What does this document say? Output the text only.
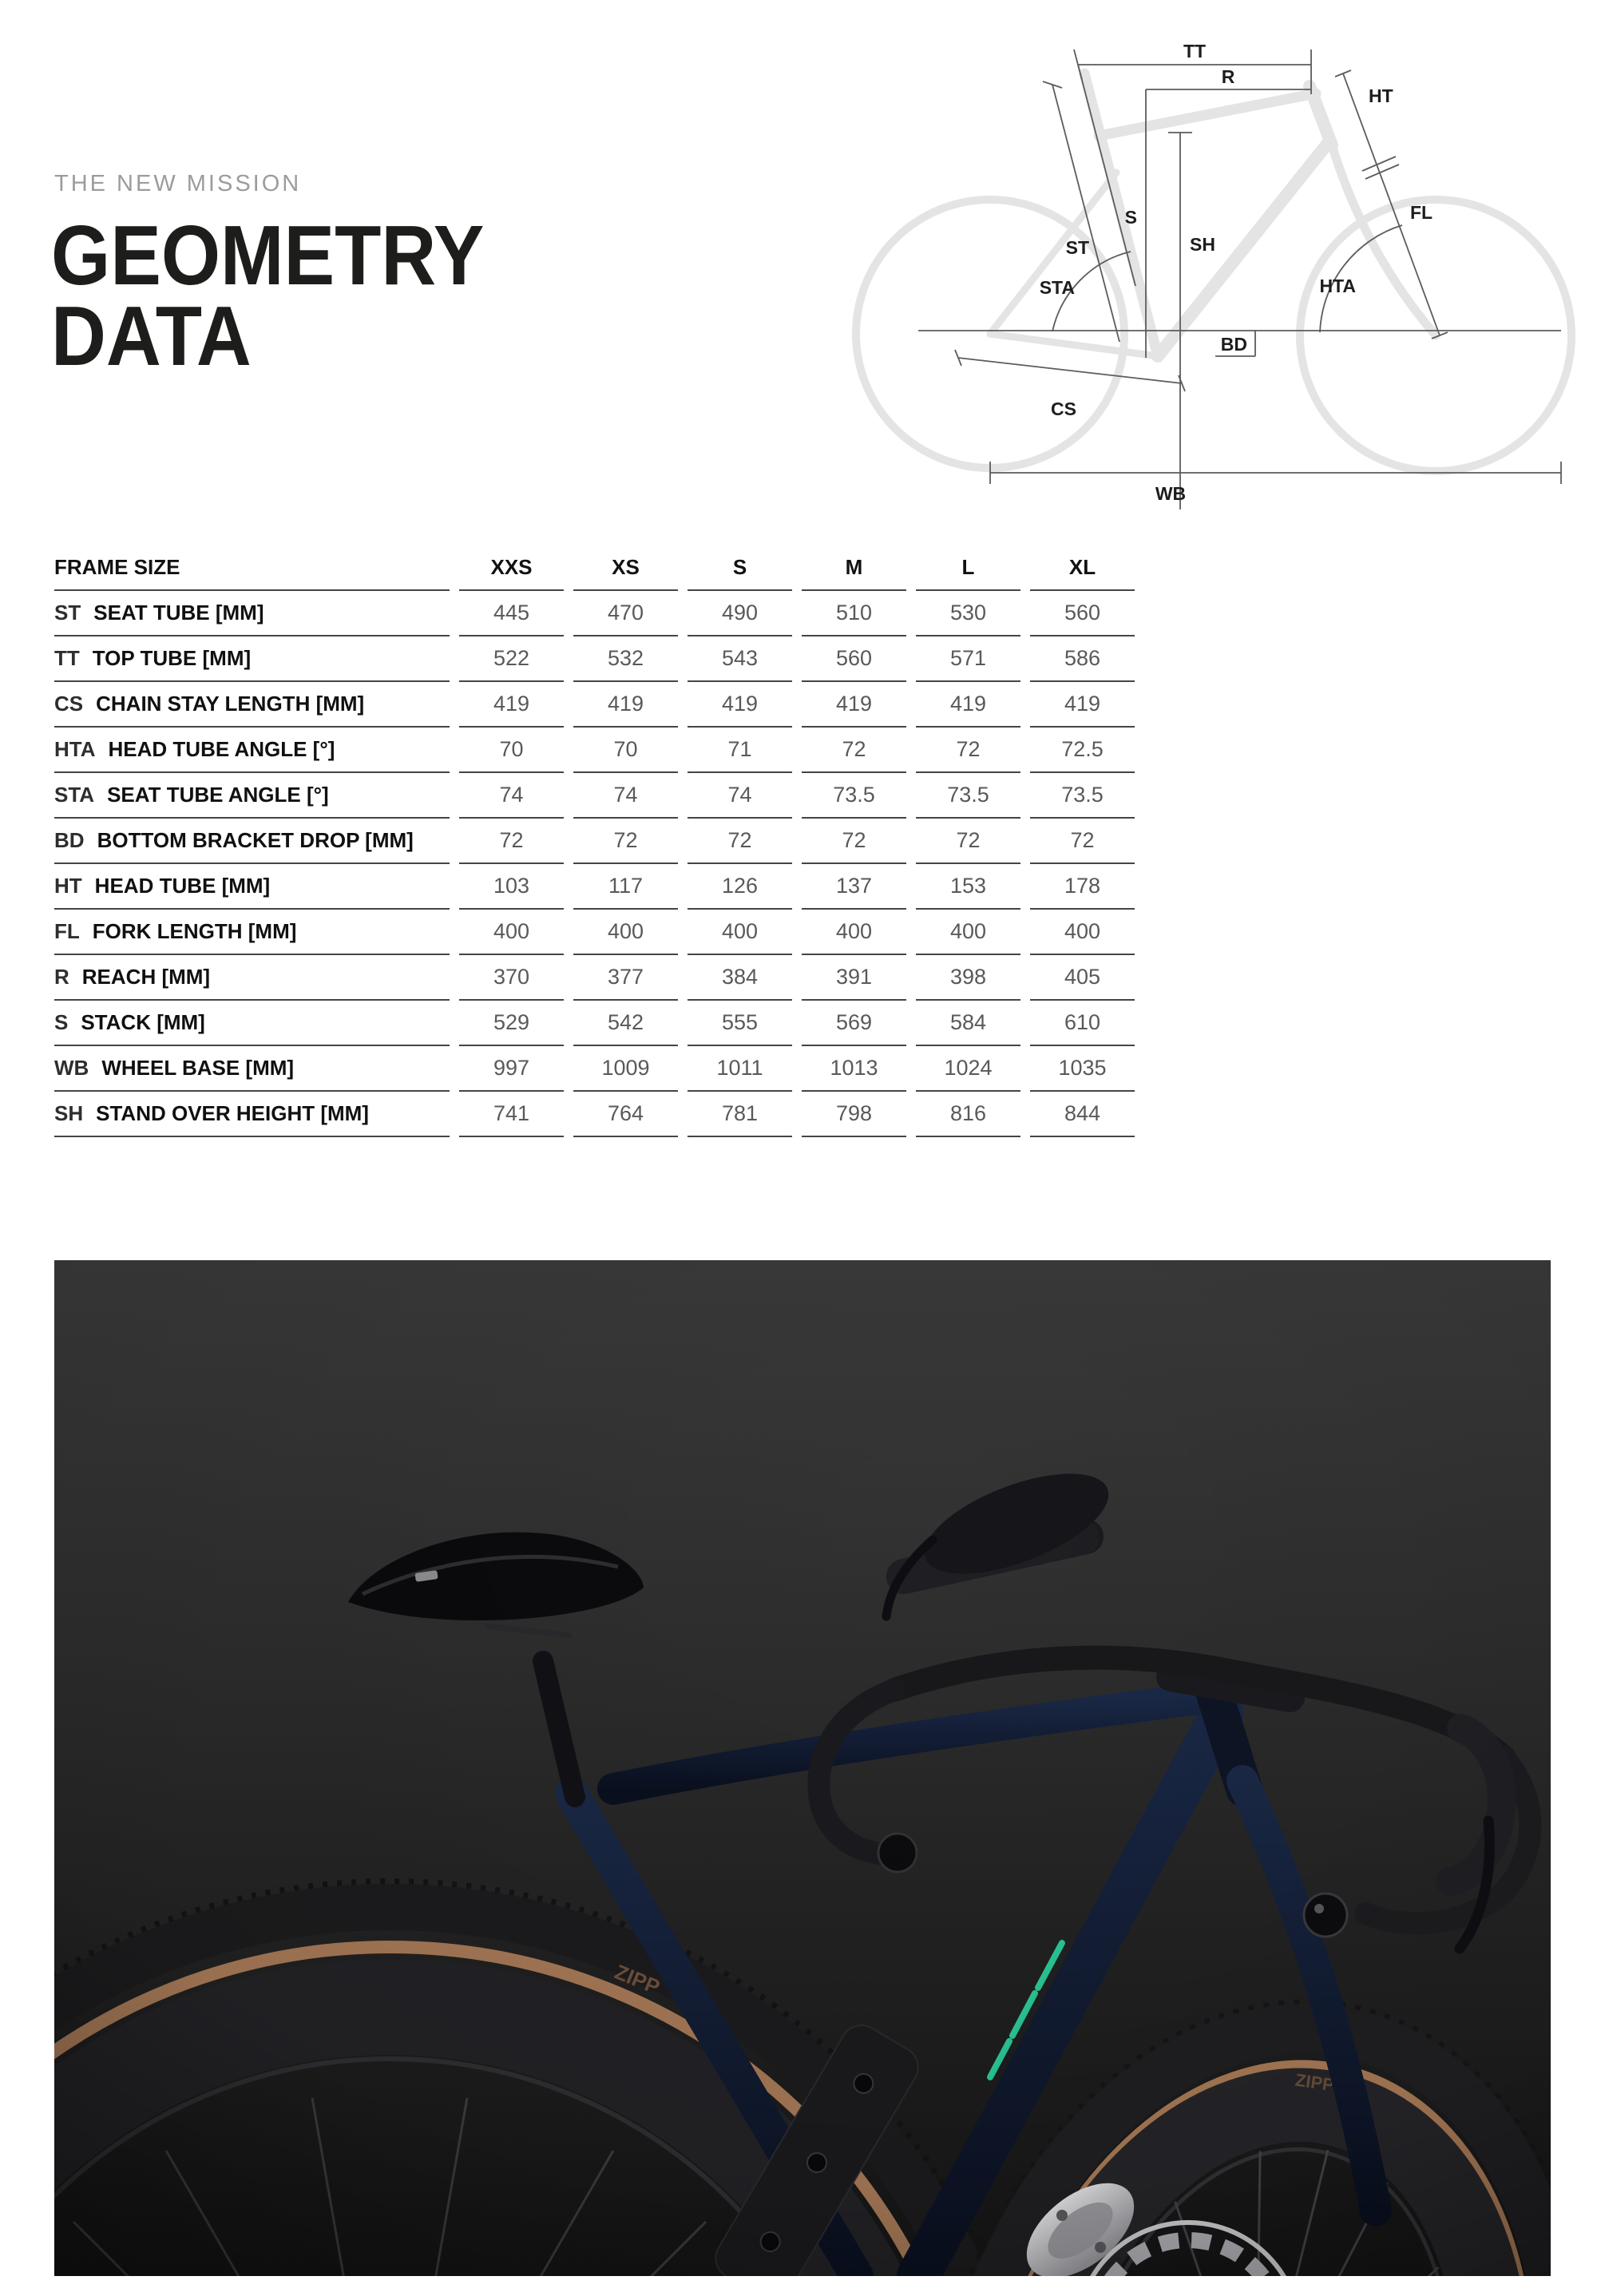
THE NEW MISSION
GEOMETRY
DATA
TT
R
HT
S
SH
ST
FL
STA	HTA
BD
CS
WB
FRAME SIZE	XXS	XS	S	M	L	XL
ST SEAT TUBE [MM]	445	470	490	510	530	560
TT TOP TUBE [MM]	522	532	543	560	571	586
CS CHAIN STAY LENGTH [MM]	419	419	419	419	419	419
HTA HEAD TUBE ANGLE [°]	70	70	71	72	72	72.5
STA SEAT TUBE ANGLE [°]	74	74	74	73.5	73.5	73.5
BD BOTTOM BRACKET DROP [MM]	72	72	72	72	72	72
HT HEAD TUBE [MM]	103	117	126	137	153	178
FL FORK LENGTH [MM]	400	400	400	400	400	400
R REACH [MM]	370	377	384	391	398	405
S STACK [MM]	529	542	555	569	584	610
WB WHEEL BASE [MM]	997	1009	1011	1013	1024	1035
SH STAND OVER HEIGHT [MM]	741	764	781	798	816	844
